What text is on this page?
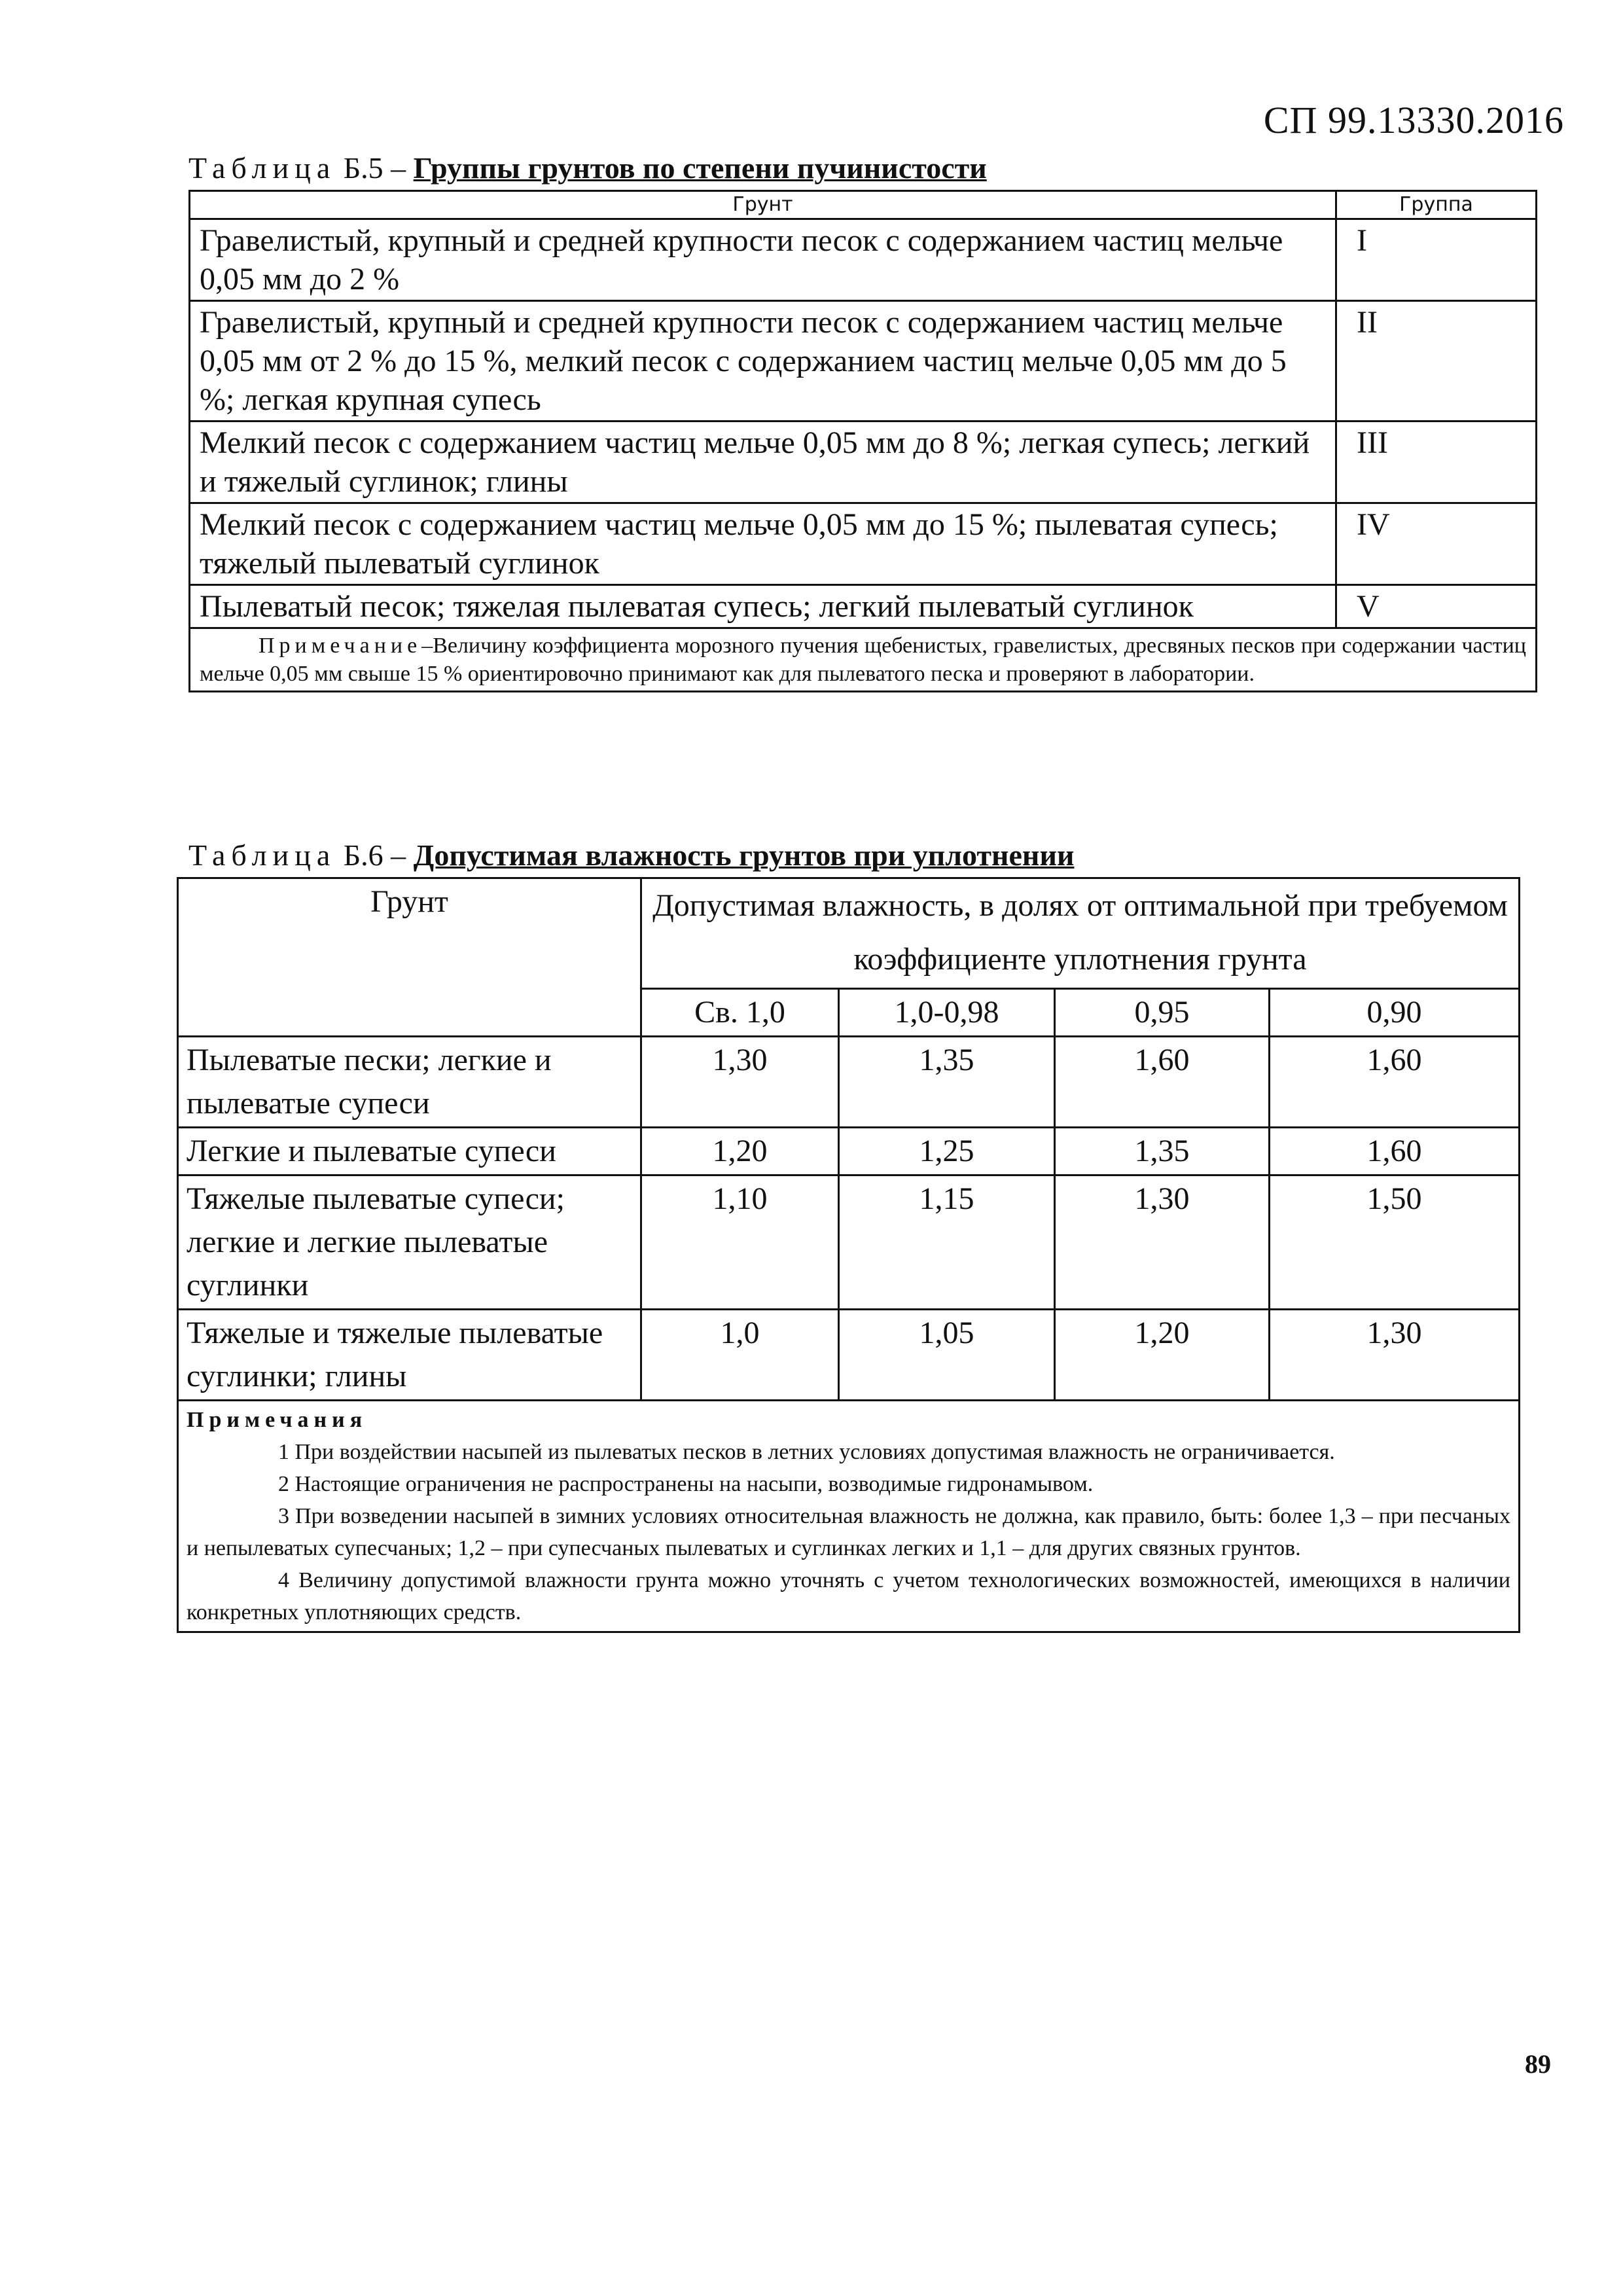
СП 99.13330.2016
Таблица Б.5 – Группы грунтов по степени пучинистости
Грунт	Группа
Гравелистый, крупный и средней крупности песок с содержанием частиц мельче 0,05 мм до 2 %	I
Гравелистый, крупный и средней крупности песок с содержанием частиц мельче 0,05 мм от 2 % до 15 %, мелкий песок с содержанием частиц мельче 0,05 мм до 5 %; легкая крупная супесь	II
Мелкий песок с содержанием частиц мельче 0,05 мм до 8 %; легкая супесь; легкий и тяжелый суглинок; глины	III
Мелкий песок с содержанием частиц мельче 0,05 мм до 15 %; пылеватая супесь; тяжелый пылеватый суглинок	IV
Пылеватый песок; тяжелая пылеватая супесь; легкий пылеватый суглинок	V
Примечание–Величину коэффициента морозного пучения щебенистых, гравелистых, дресвяных песков при содержании частиц мельче 0,05 мм свыше 15 % ориентировочно принимают как для пылеватого песка и проверяют в лаборатории.	
Таблица Б.6 – Допустимая влажность грунтов при уплотнении
Грунт	Допустимая влажность, в долях от оптимальной при требуемом коэффициенте уплотнения грунта			
	Св. 1,0	1,0-0,98	0,95	0,90
Пылеватые пески; легкие и пылеватые супеси	1,30	1,35	1,60	1,60
Легкие и пылеватые супеси	1,20	1,25	1,35	1,60
Тяжелые пылеватые супеси; легкие и легкие пылеватые суглинки	1,10	1,15	1,30	1,50
Тяжелые и тяжелые пылеватые суглинки; глины	1,0	1,05	1,20	1,30

Примечания
1 При воздействии насыпей из пылеватых песков в летних условиях допустимая влажность не ограничивается.
2 Настоящие ограничения не распространены на насыпи, возводимые гидронамывом.
3 При возведении насыпей в зимних условиях относительная влажность не должна, как правило, быть: более 1,3 – при песчаных и непылеватых супесчаных; 1,2 – при супесчаных пылеватых и суглинках легких и 1,1 – для других связных грунтов.
4 Величину допустимой влажности грунта можно уточнять с учетом технологических возможностей, имеющихся в наличии конкретных уплотняющих средств.				
89
